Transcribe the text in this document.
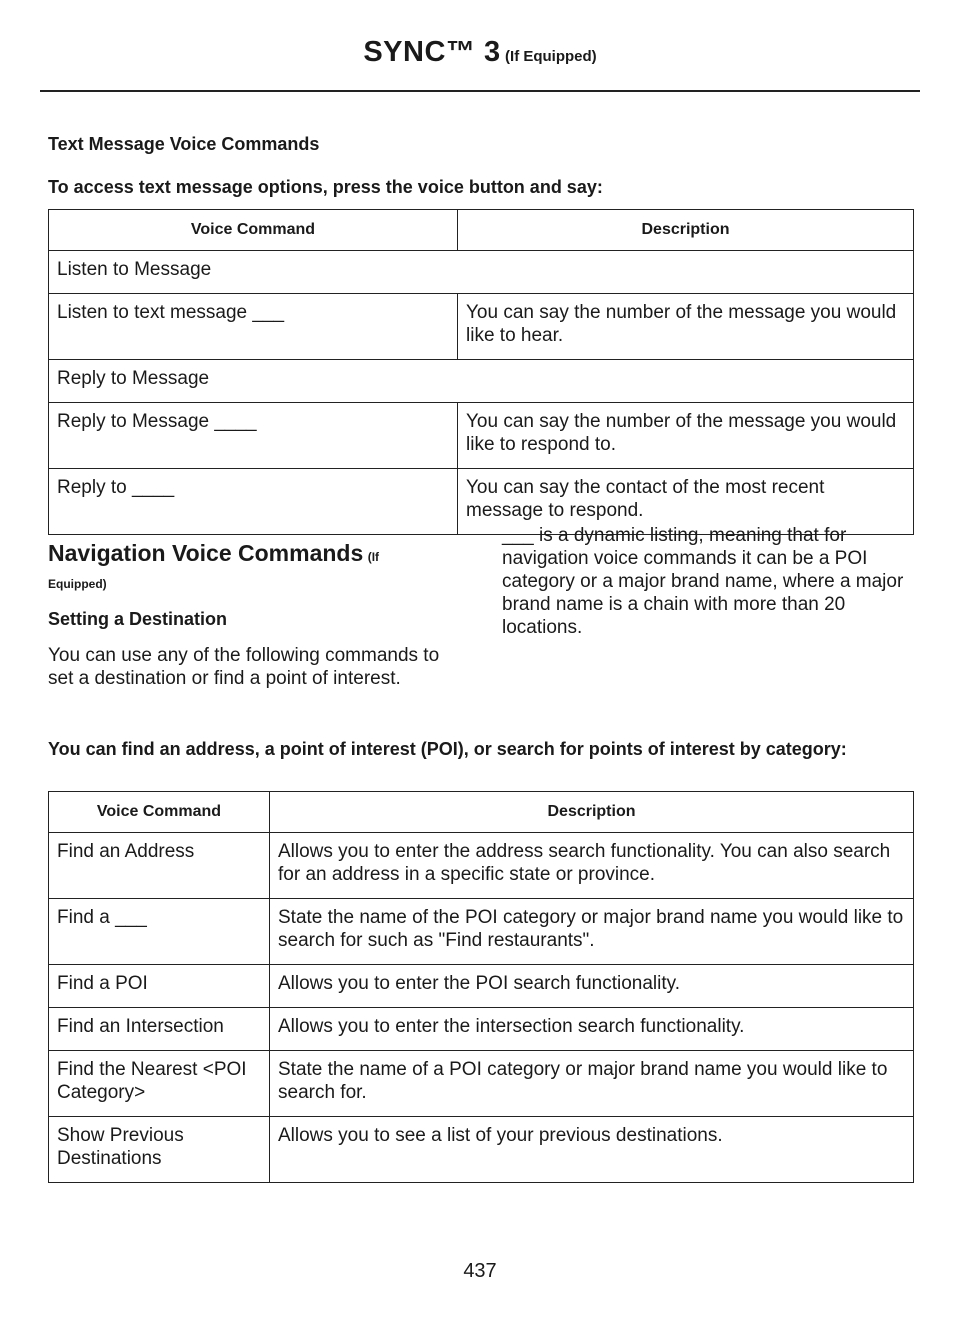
SYNC™ 3 (If Equipped)
Text Message Voice Commands
To access text message options, press the voice button and say:
Voice Command	Description
Listen to Message	
Listen to text message ___	You can say the number of the message you would like to hear.
Reply to Message	
Reply to Message ____	You can say the number of the message you would like to respond to.
Reply to ____	You can say the contact of the most recent message to respond.
Navigation Voice Commands (If
Equipped)
Setting a Destination
You can use any of the following commands to set a destination or find a point of interest.
___ is a dynamic listing, meaning that for navigation voice commands it can be a POI category or a major brand name, where a major brand name is a chain with more than 20 locations.
You can find an address, a point of interest (POI), or search for points of interest by category:
Voice Command	Description
Find an Address	Allows you to enter the address search functionality. You can also search for an address in a specific state or province.
Find a ___	State the name of the POI category or major brand name you would like to search for such as "Find restaurants".
Find a POI	Allows you to enter the POI search functionality.
Find an Intersection	Allows you to enter the intersection search functionality.
Find the Nearest <POI Category>	State the name of a POI category or major brand name you would like to search for.
Show Previous Destinations	Allows you to see a list of your previous destinations.
437
